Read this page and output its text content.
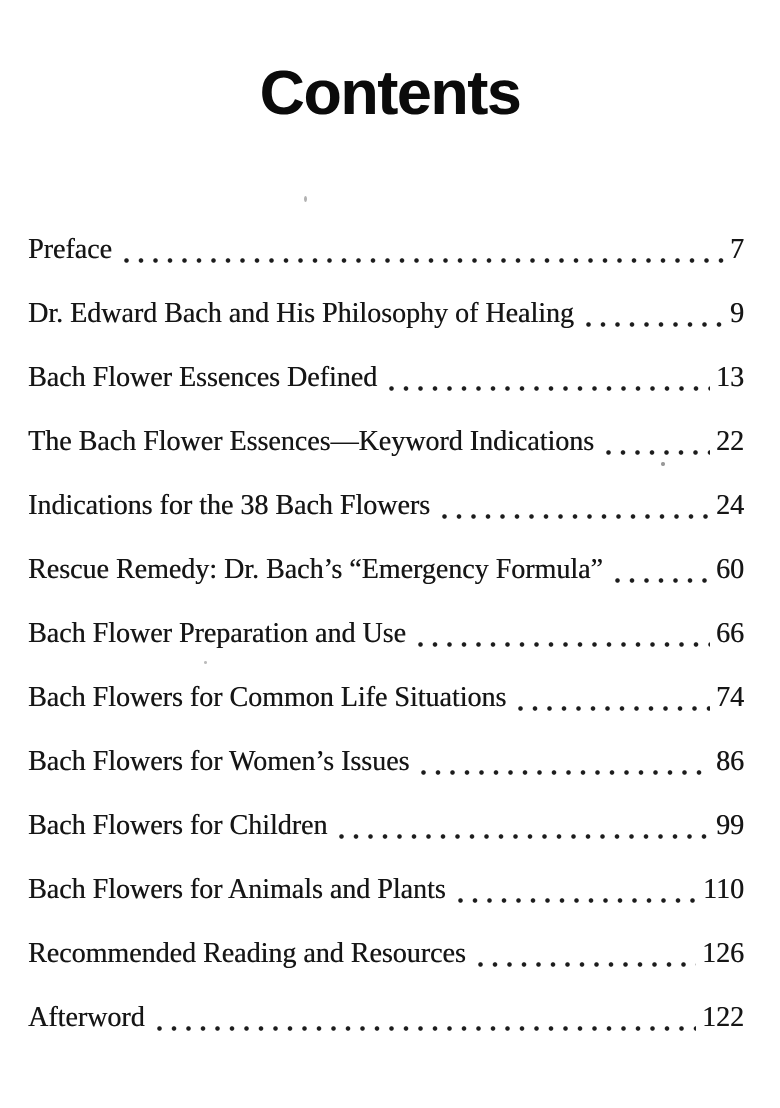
Contents
Preface	7
Dr. Edward Bach and His Philosophy of Healing	9
Bach Flower Essences Defined	13
The Bach Flower Essences—Keyword Indications	22
Indications for the 38 Bach Flowers	24
Rescue Remedy: Dr. Bach’s “Emergency Formula”	60
Bach Flower Preparation and Use	66
Bach Flowers for Common Life Situations	74
Bach Flowers for Women’s Issues	86
Bach Flowers for Children	99
Bach Flowers for Animals and Plants	110
Recommended Reading and Resources	126
Afterword	122
